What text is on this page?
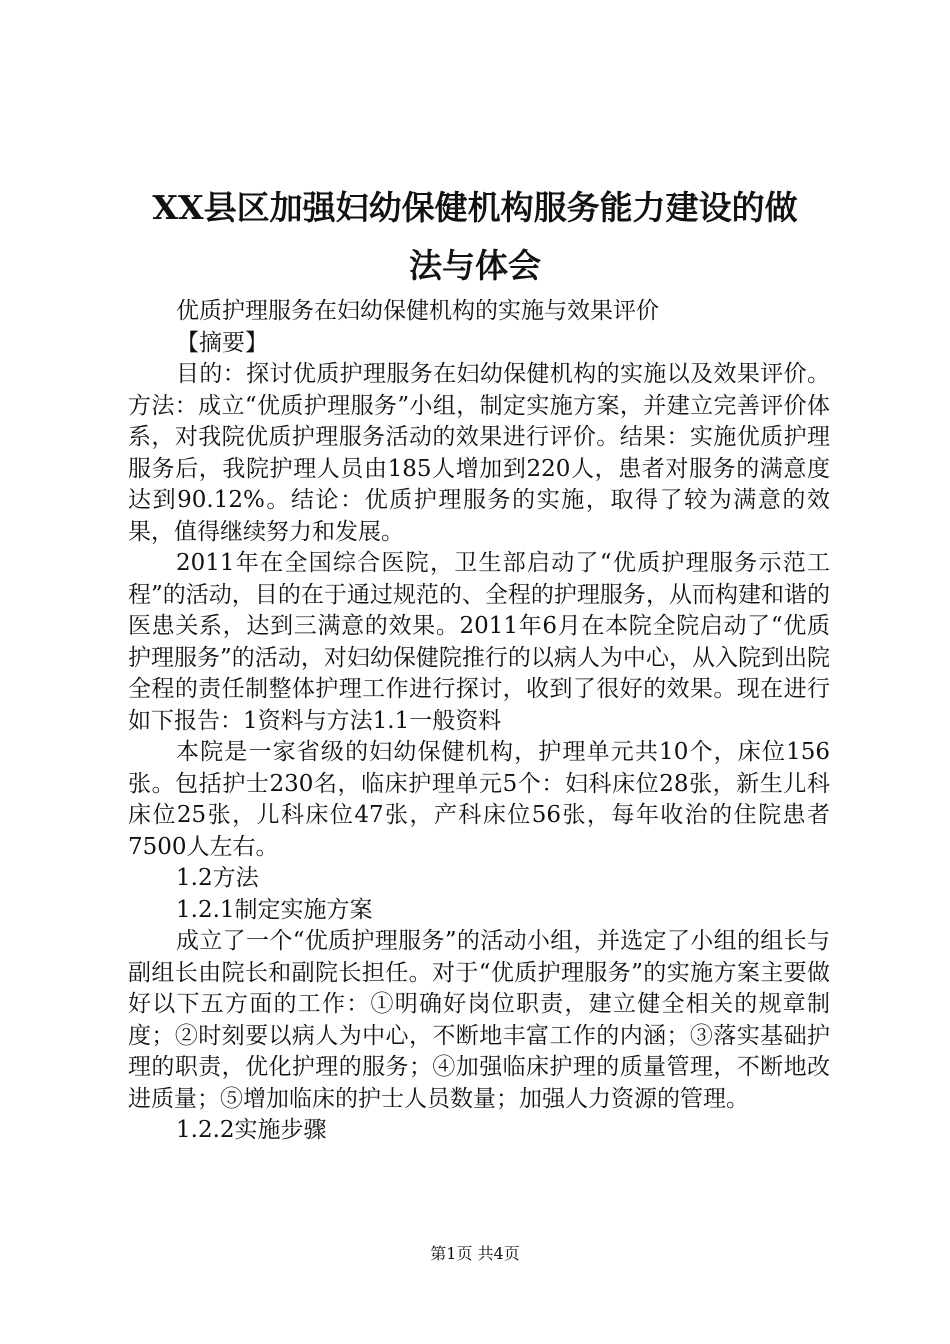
XX县区加强妇幼保健机构服务能力建设的做
法与体会

优质护理服务在妇幼保健机构的实施与效果评价

【摘要】

目的：探讨优质护理服务在妇幼保健机构的实施以及效果评价。方法：成立“优质护理服务”小组，制定实施方案，并建立完善评价体系，对我院优质护理服务活动的效果进行评价。结果：实施优质护理服务后，我院护理人员由185人增加到220人，患者对服务的满意度达到90.12%。结论：优质护理服务的实施，取得了较为满意的效果，值得继续努力和发展。

2011年在全国综合医院，卫生部启动了“优质护理服务示范工程”的活动，目的在于通过规范的、全程的护理服务，从而构建和谐的医患关系，达到三满意的效果。2011年6月在本院全院启动了“优质护理服务”的活动，对妇幼保健院推行的以病人为中心，从入院到出院全程的责任制整体护理工作进行探讨，收到了很好的效果。现在进行如下报告：1资料与方法1.1一般资料

本院是一家省级的妇幼保健机构，护理单元共10个，床位156张。包括护士230名，临床护理单元5个：妇科床位28张，新生儿科床位25张，儿科床位47张，产科床位56张，每年收治的住院患者7500人左右。

1.2方法

1.2.1制定实施方案

成立了一个“优质护理服务”的活动小组，并选定了小组的组长与副组长由院长和副院长担任。对于“优质护理服务”的实施方案主要做好以下五方面的工作：①明确好岗位职责，建立健全相关的规章制度；②时刻要以病人为中心，不断地丰富工作的内涵；③落实基础护理的职责，优化护理的服务；④加强临床护理的质量管理，不断地改进质量；⑤增加临床的护士人员数量；加强人力资源的管理。

1.2.2实施步骤

第1页 共4页
